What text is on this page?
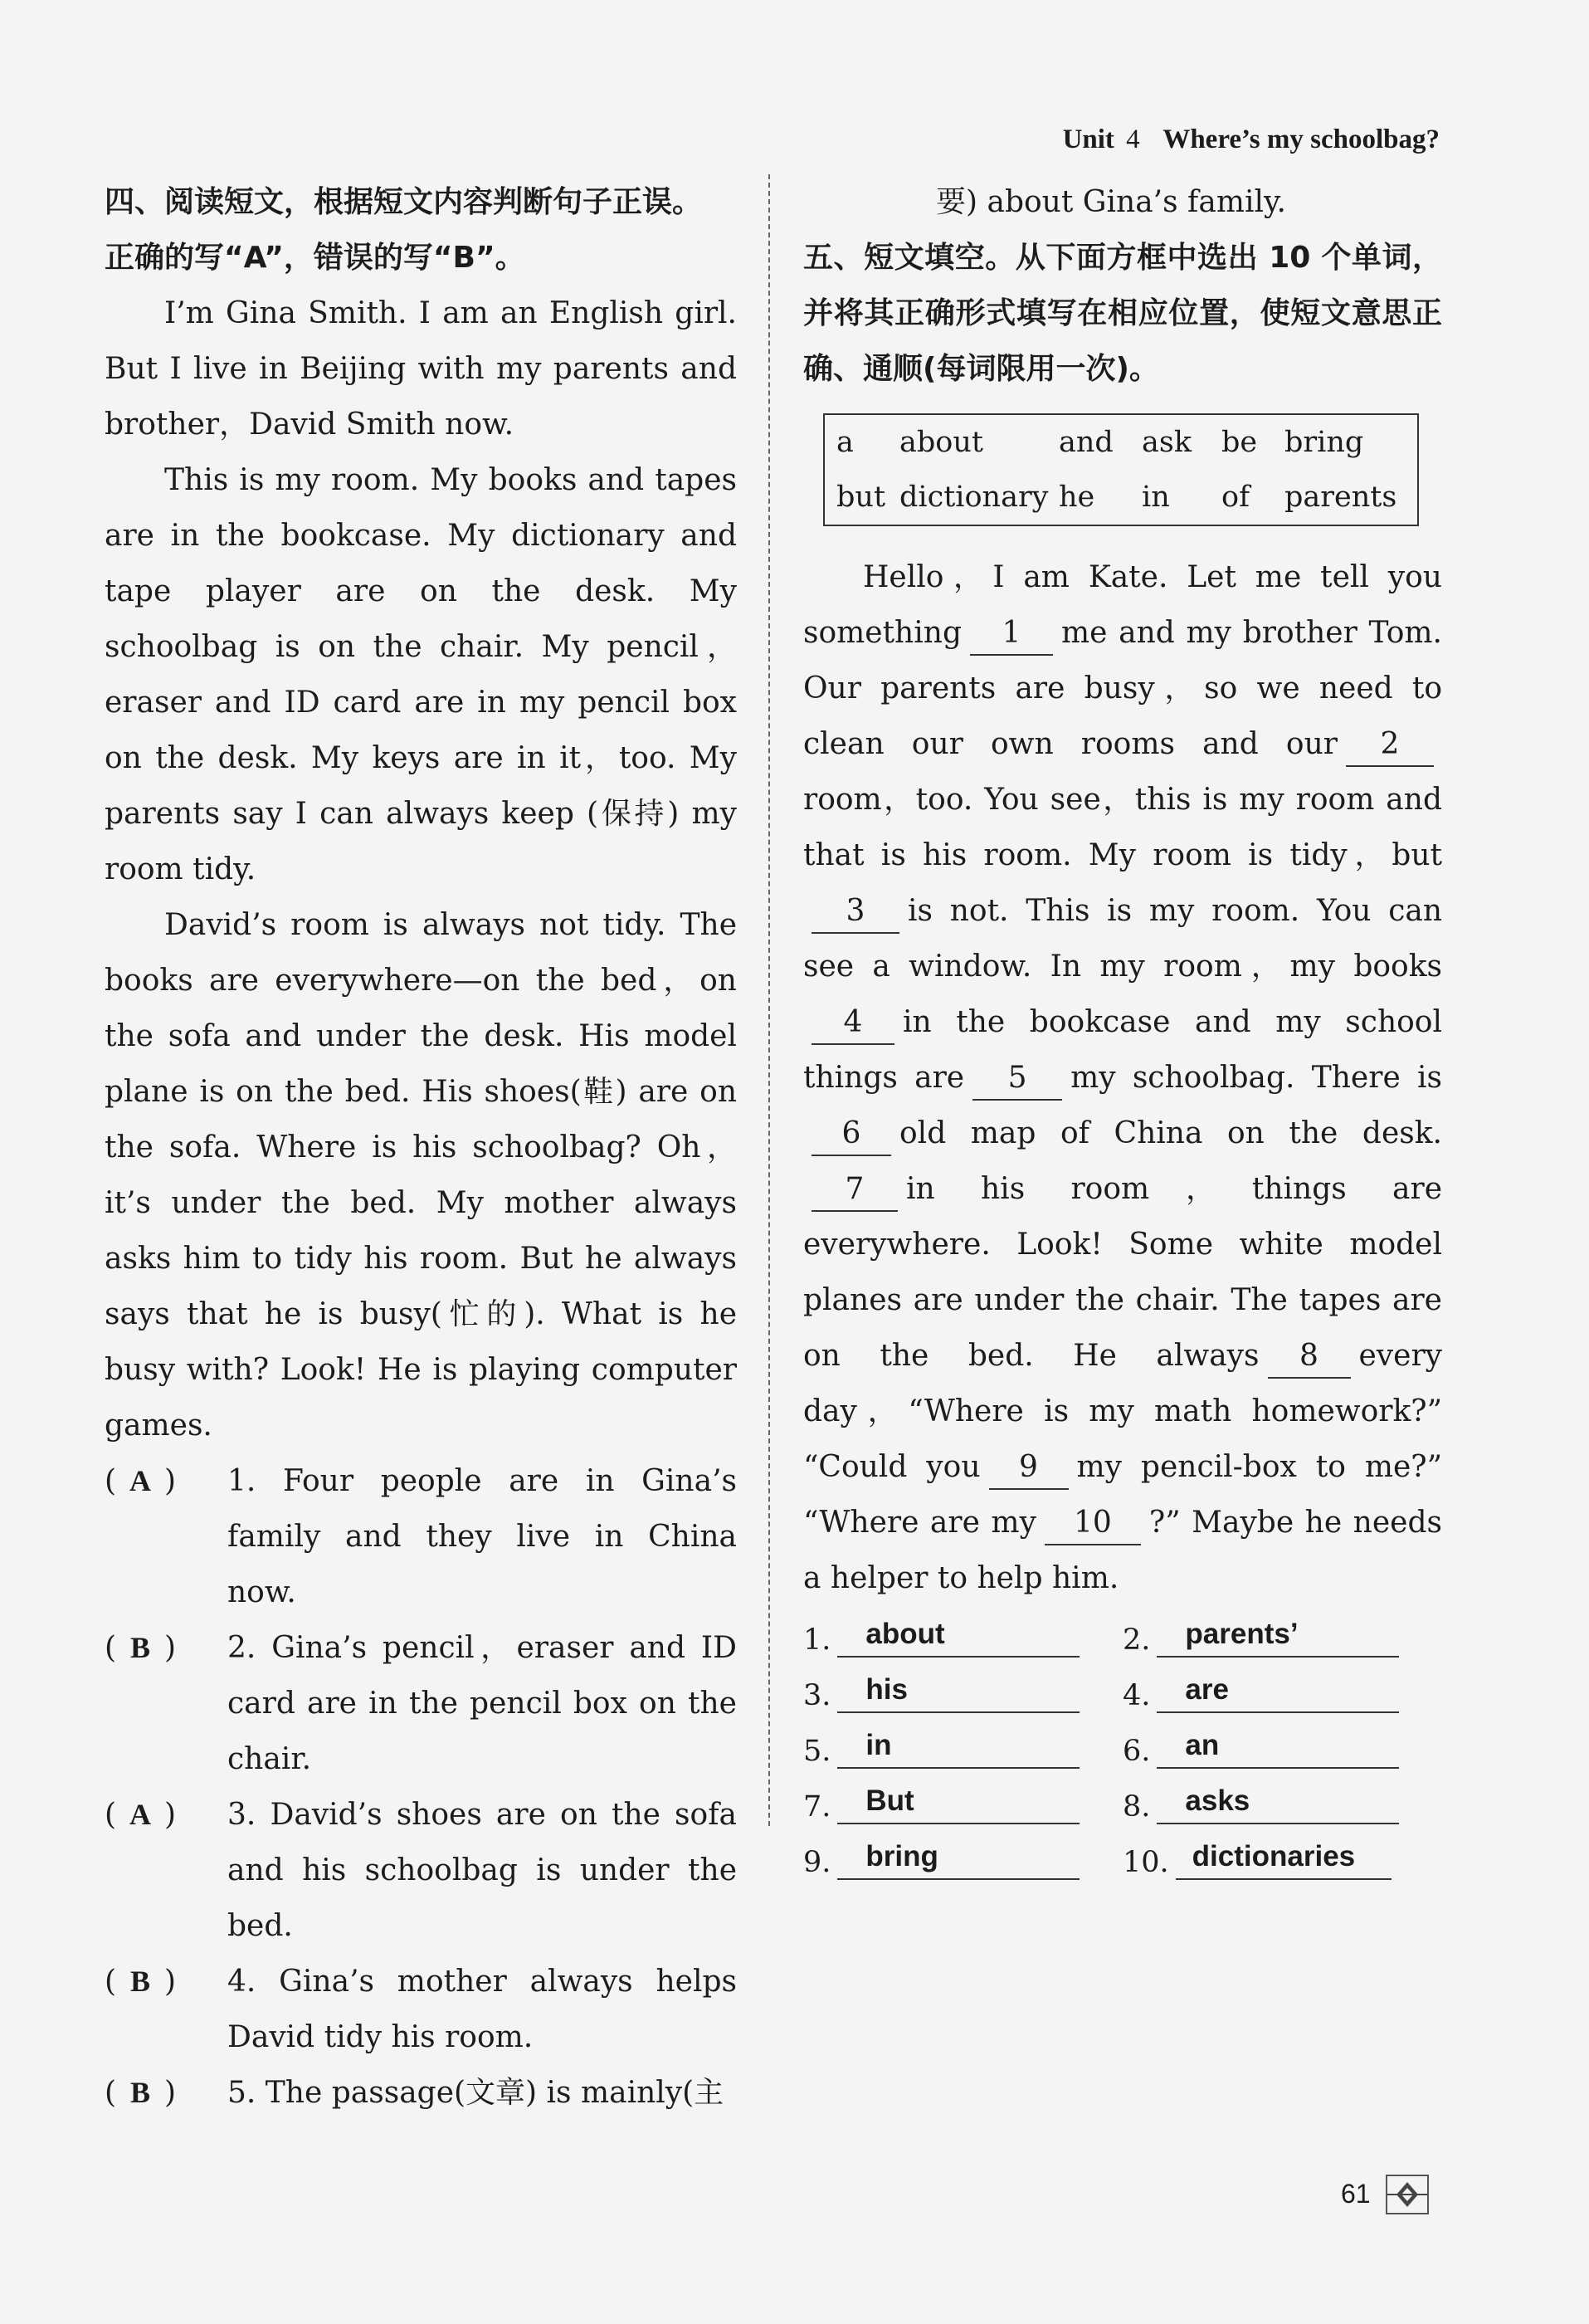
Unit 4 Where’s my schoolbag?

四、阅读短文，根据短文内容判断句子正误。

正确的写“A”，错误的写“B”。

I’m Gina Smith. I am an English girl. But I live in Beijing with my parents and brother，David Smith now.

This is my room. My books and tapes are in the bookcase. My dictionary and tape player are on the desk. My schoolbag is on the chair. My pencil，eraser and ID card are in my pencil box on the desk. My keys are in it，too. My parents say I can always keep (保持) my room tidy.

David’s room is always not tidy. The books are everywhere—on the bed，on the sofa and under the desk. His model plane is on the bed. His shoes(鞋) are on the sofa. Where is his schoolbag? Oh，it’s under the bed. My mother always asks him to tidy his room. But he always says that he is busy(忙的). What is he busy with? Look! He is playing computer games.

( A )	1. Four people are in Gina’s family and they live in China now.
( B )	2. Gina’s pencil，eraser and ID card are in the pencil box on the chair.
( A )	3. David’s shoes are on the sofa and his schoolbag is under the bed.
( B )	4. Gina’s mother always helps David tidy his room.
( B )	5. The passage(文章) is mainly(主

要) about Gina’s family.

五、短文填空。从下面方框中选出 10 个单词，并将其正确形式填写在相应位置，使短文意思正确、通顺(每词限用一次)。

a	about	and ask	be bring
but dictionary he	in	of	parents

Hello，I am Kate. Let me tell you something 1 me and my brother Tom. Our parents are busy，so we need to clean our own rooms and our 2room，too. You see，this is my room and that is his room. My room is tidy，but3 is not. This is my room. You can see a window. In my room，my books4 in the bookcase and my school things are 5 my schoolbag. There is6 old map of China on the desk.7 in his room，things are everywhere. Look! Some white model planes are under the chair. The tapes are on the bed. He always 8 every day，“Where is my math homework?” “Could you 9 my pencil-box to me?” “Where are my 10 ?” Maybe he needs a helper to help him.

1.	about	2.	parents’
3.	his	4.	are
5.	in	6.	an
7.	But	8.	asks
9.	bring	10. dictionaries
61
